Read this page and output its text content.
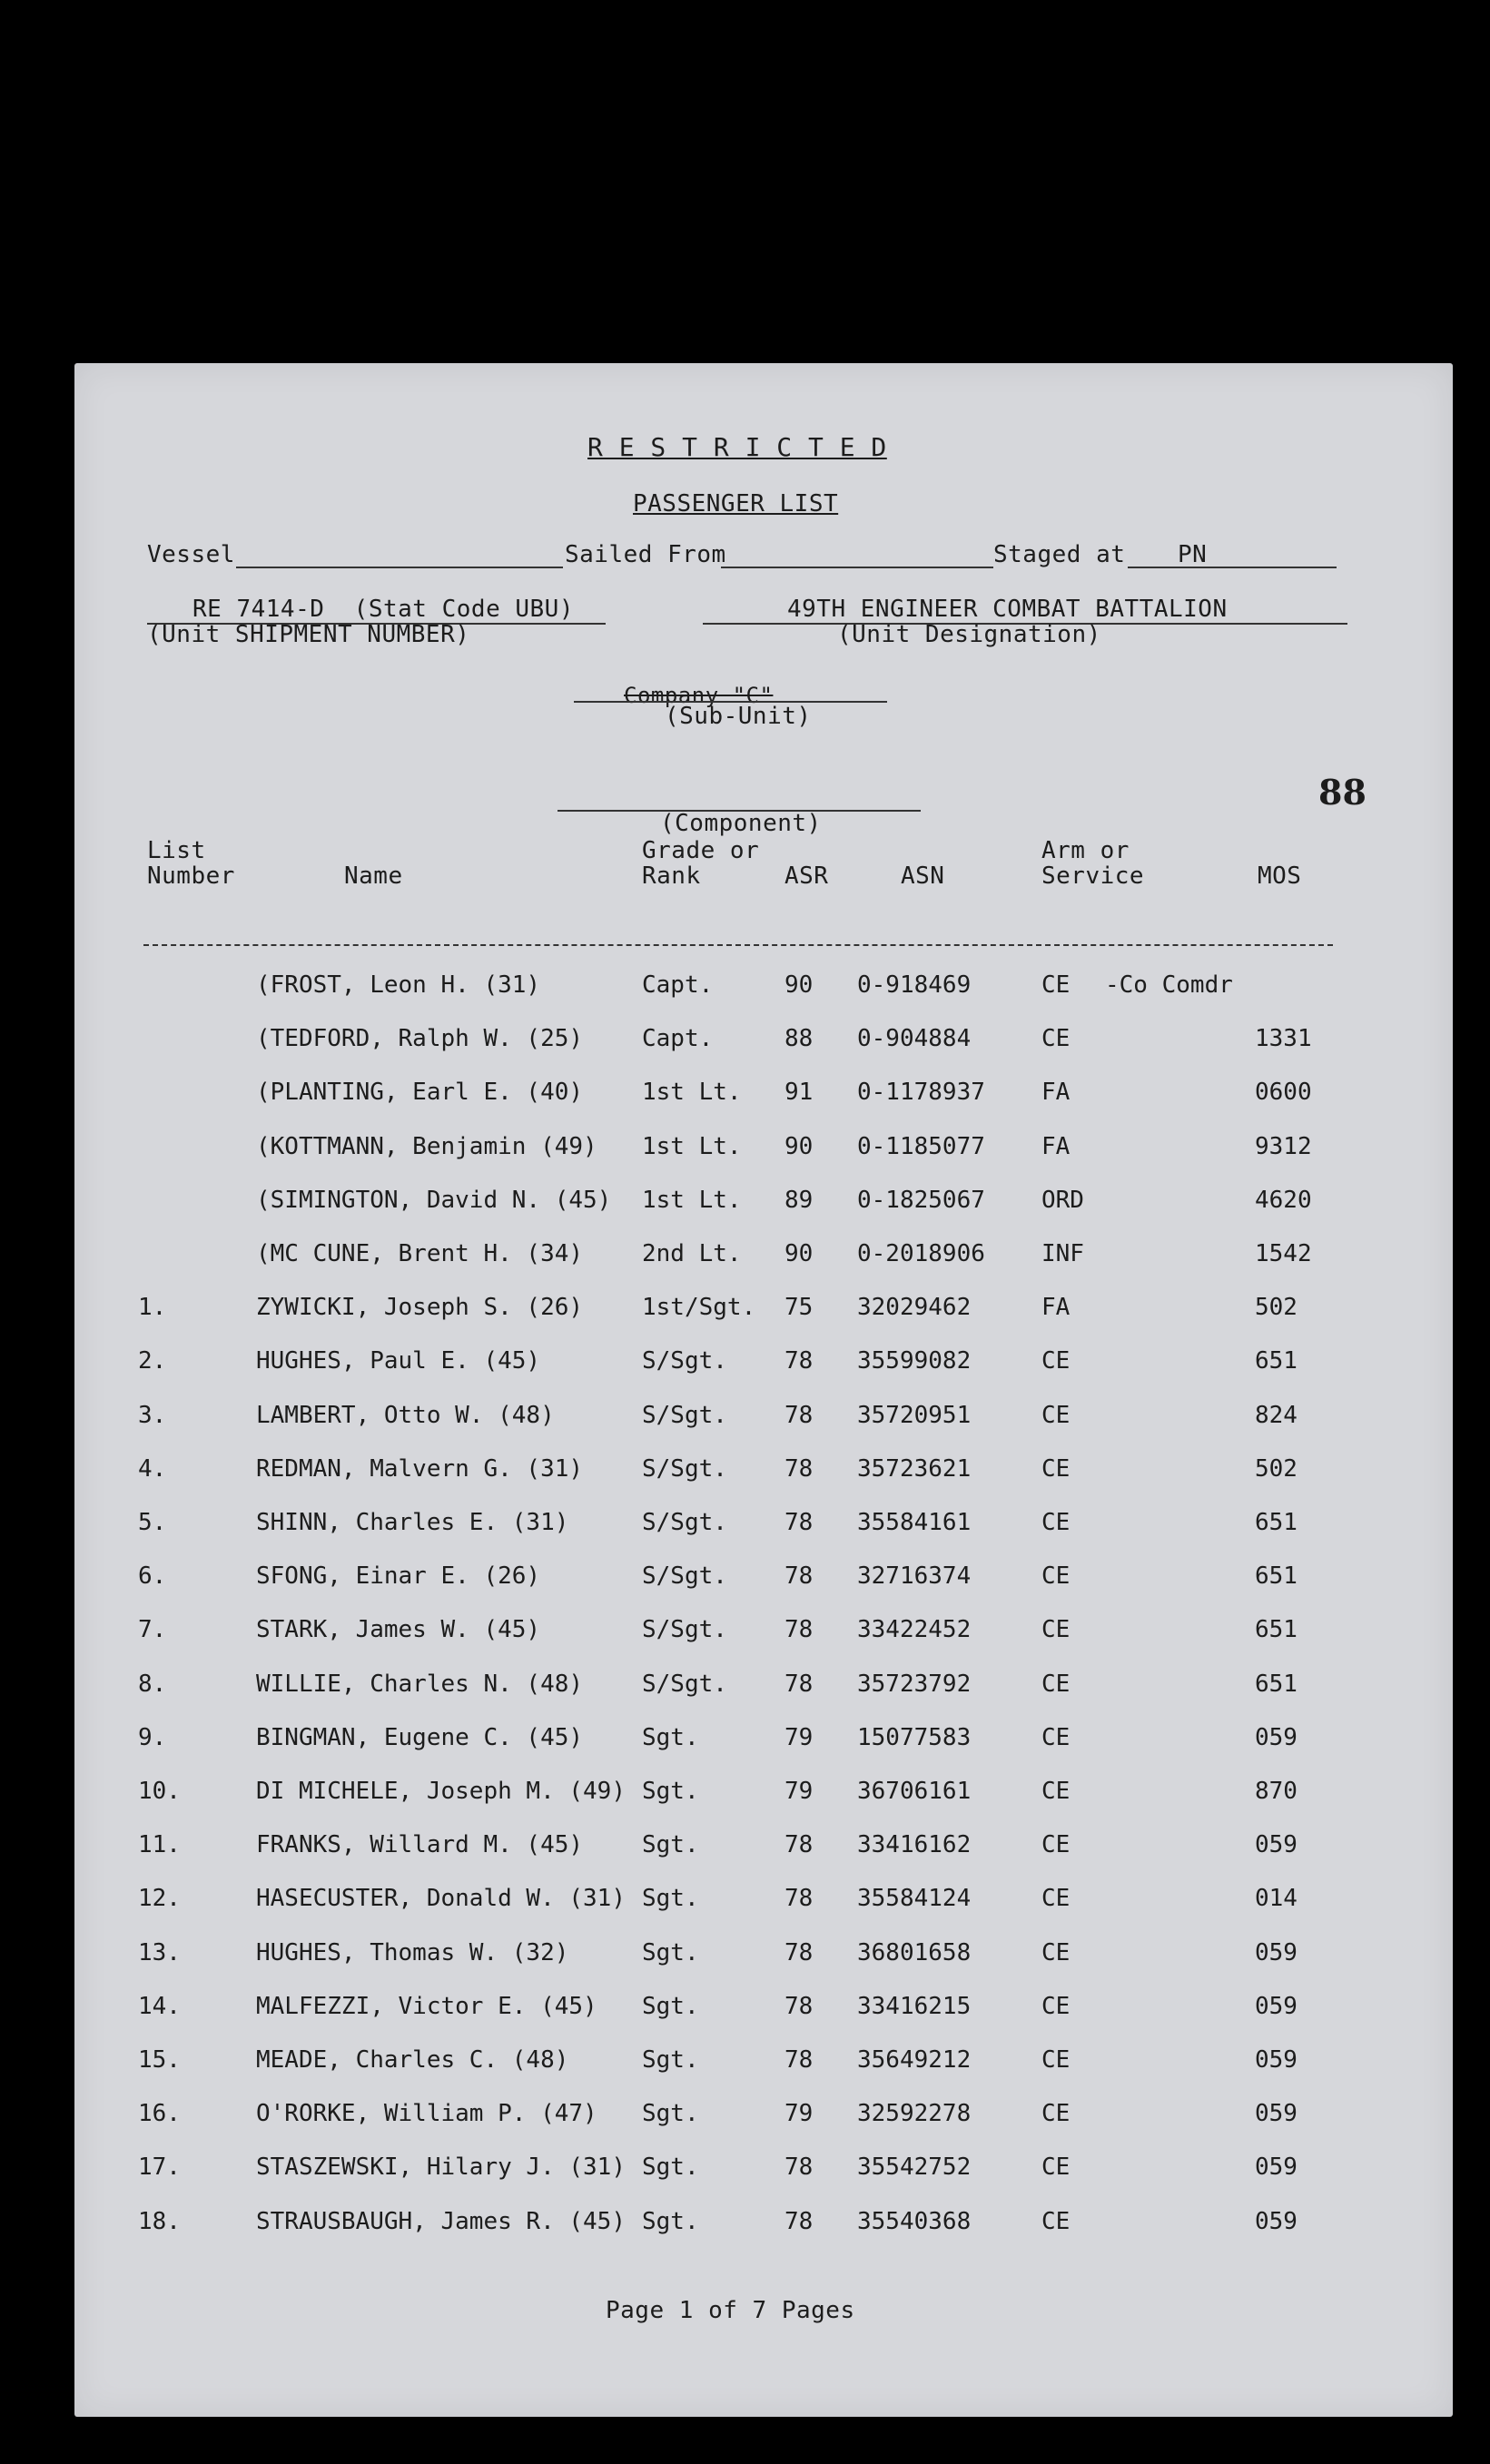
R E S T R I C T E D
PASSENGER LIST
Vessel	Sailed From	Staged at PN
RE 7414-D  (Stat Code UBU)
(Unit SHIPMENT NUMBER)
49TH ENGINEER COMBAT BATTALION
(Unit Designation)
Company "C"
(Sub-Unit)
(Component)
88
List
Number	Name
Grade or
Rank	ASR	ASN
Arm or
Service	MOS
(FROST, Leon H. (31)	Capt.	90 0-918469	CE -Co Comdr
(TEDFORD, Ralph W. (25) Capt.	88 0-904884	CE	1331
(PLANTING, Earl E. (40) 1st Lt. 91 0-1178937 FA	0600
(KOTTMANN, Benjamin (49) 1st Lt. 90 0-1185077 FA	9312
(SIMINGTON, David N. (45) 1st Lt. 89 0-1825067 ORD	4620
(MC CUNE, Brent H. (34) 2nd Lt. 90 0-2018906 INF	1542
1.	ZYWICKI, Joseph S. (26) 1st/Sgt. 75 32029462	FA	502
2.	HUGHES, Paul E. (45)	S/Sgt. 78 35599082	CE	651
3.	LAMBERT, Otto W. (48)	S/Sgt. 78 35720951	CE	824
4.	REDMAN, Malvern G. (31) S/Sgt. 78 35723621	CE	502
5.	SHINN, Charles E. (31)	S/Sgt. 78 35584161	CE	651
6.	SFONG, Einar E. (26)	S/Sgt. 78 32716374	CE	651
7.	STARK, James W. (45)	S/Sgt. 78 33422452	CE	651
8.	WILLIE, Charles N. (48) S/Sgt. 78 35723792	CE	651
9.	BINGMAN, Eugene C. (45) Sgt.	79 15077583	CE	059
10.	DI MICHELE, Joseph M. (49) Sgt.	79 36706161	CE	870
11.	FRANKS, Willard M. (45) Sgt.	78 33416162	CE	059
12.	HASECUSTER, Donald W. (31) Sgt.	78 35584124	CE	014
13.	HUGHES, Thomas W. (32)	Sgt.	78 36801658	CE	059
14.	MALFEZZI, Victor E. (45) Sgt.	78 33416215	CE	059
15.	MEADE, Charles C. (48)	Sgt.	78 35649212	CE	059
16.	O'RORKE, William P. (47) Sgt.	79 32592278	CE	059
17.	STASZEWSKI, Hilary J. (31) Sgt.	78 35542752	CE	059
18.	STRAUSBAUGH, James R. (45) Sgt.	78 35540368	CE	059
Page 1 of 7 Pages
